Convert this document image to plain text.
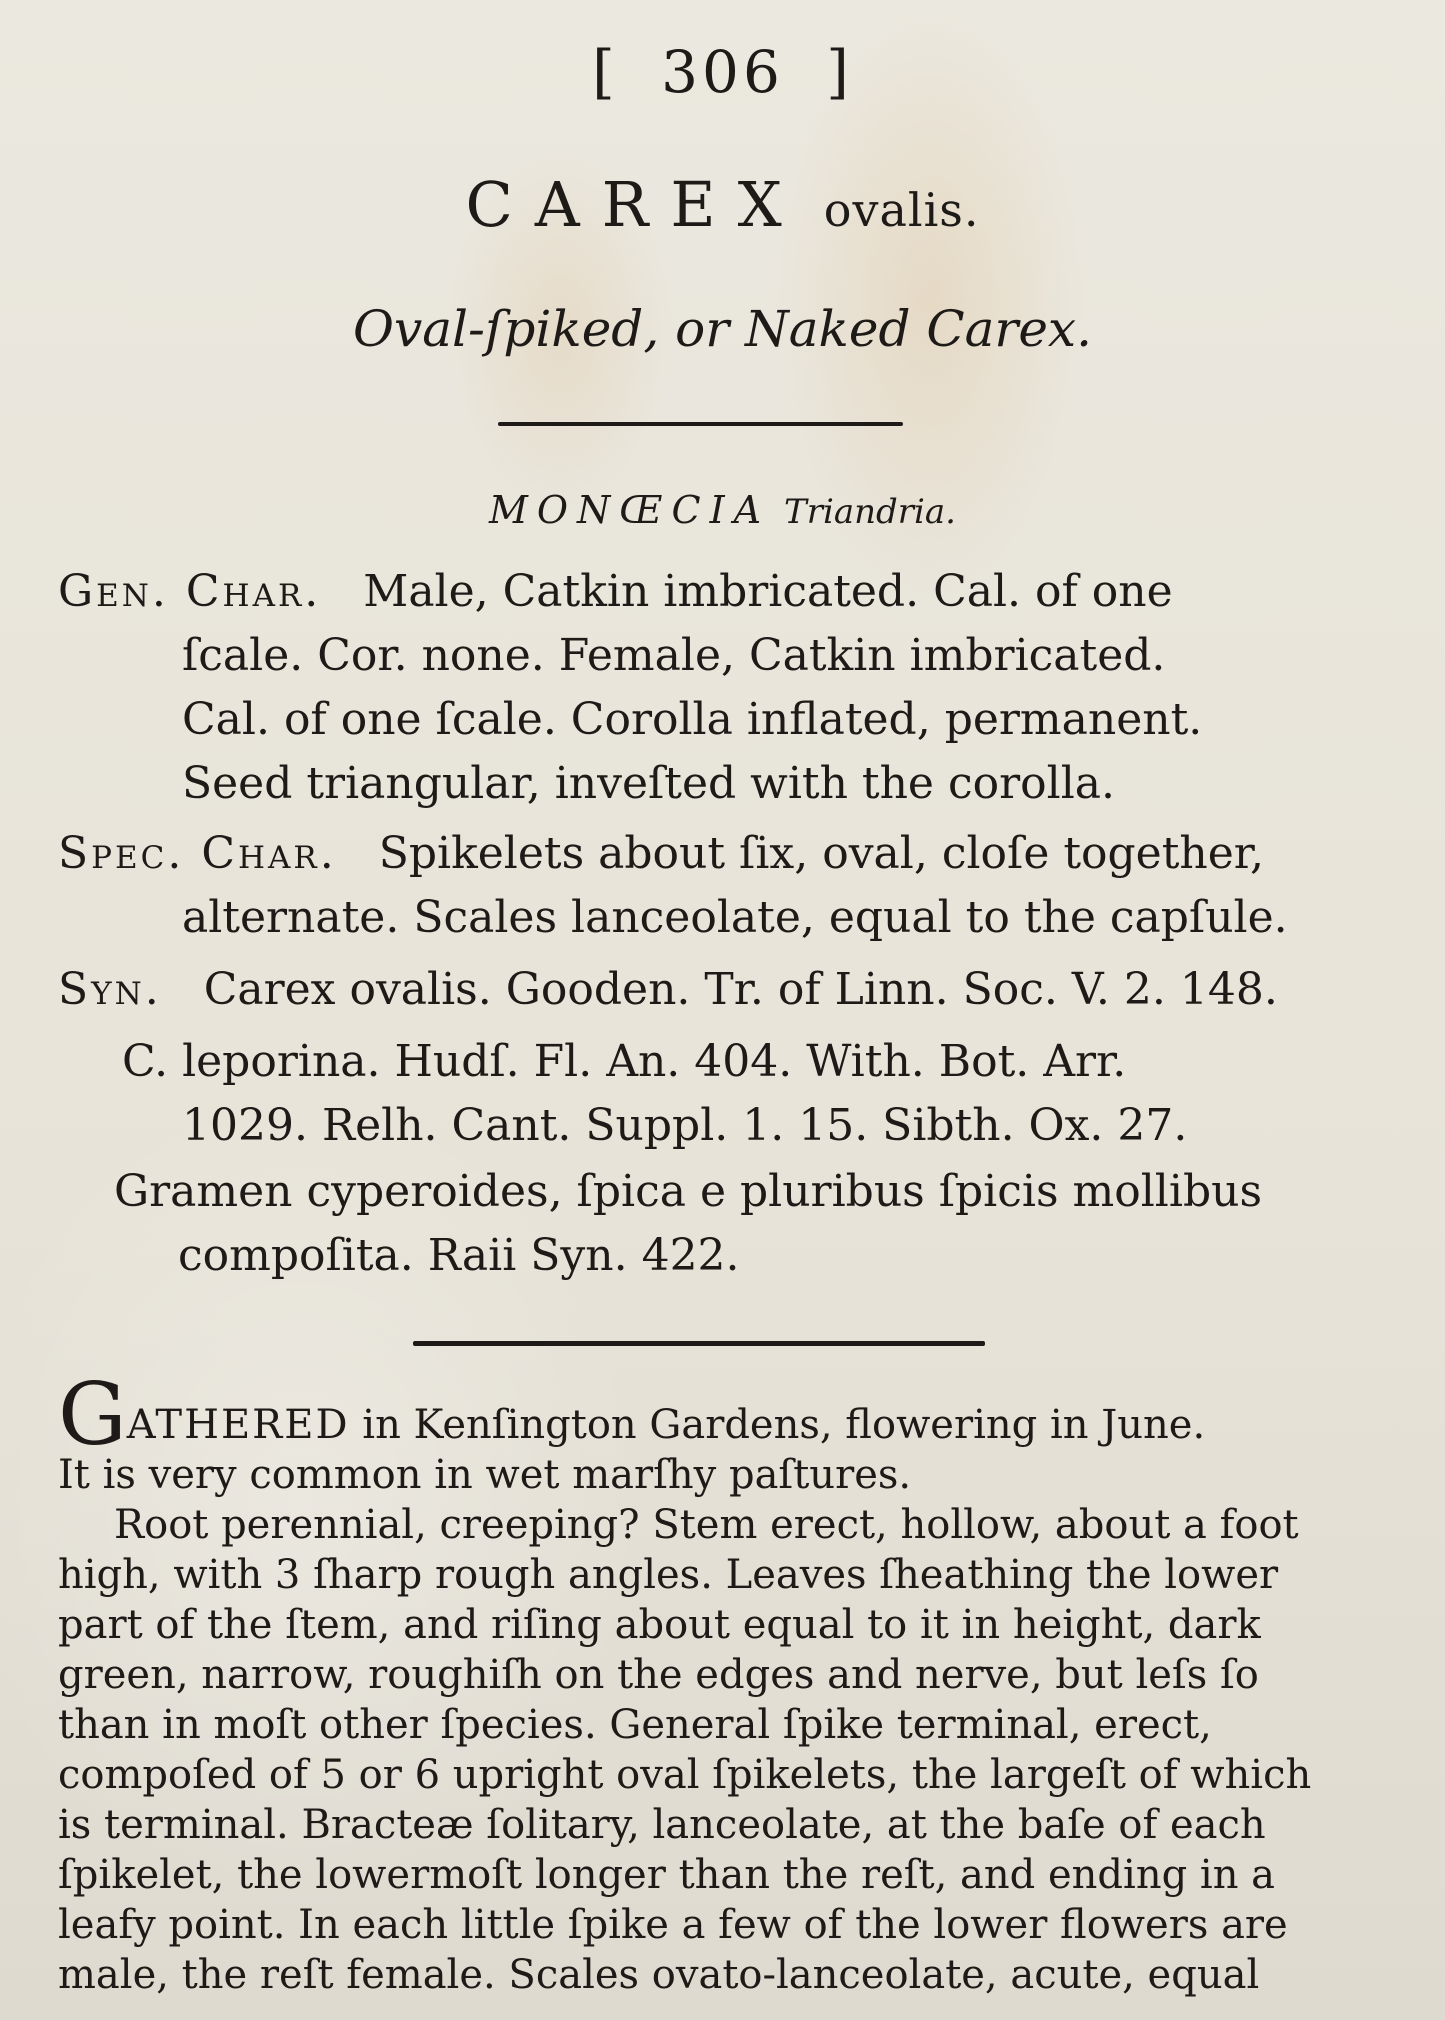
[ 306 ]
CAREX ovalis.
Oval-ſpiked, or Naked Carex.
MONŒCIA Triandria.
Gen. Char. Male, Catkin imbricated. Cal. of one
ſcale. Cor. none. Female, Catkin imbricated.
Cal. of one ſcale. Corolla inflated, permanent.
Seed triangular, inveſted with the corolla.
Spec. Char. Spikelets about ſix, oval, cloſe together,
alternate. Scales lanceolate, equal to the capſule.
Syn. Carex ovalis. Gooden. Tr. of Linn. Soc. V. 2. 148.
C. leporina. Hudſ. Fl. An. 404. With. Bot. Arr.
1029. Relh. Cant. Suppl. 1. 15. Sibth. Ox. 27.
Gramen cyperoides, ſpica e pluribus ſpicis mollibus
compoſita. Raii Syn. 422.
GATHERED in Kenſington Gardens, flowering in June.
It is very common in wet marſhy paſtures.
Root perennial, creeping? Stem erect, hollow, about a foot
high, with 3 ſharp rough angles. Leaves ſheathing the lower
part of the ſtem, and riſing about equal to it in height, dark
green, narrow, roughiſh on the edges and nerve, but leſs ſo
than in moſt other ſpecies. General ſpike terminal, erect,
compoſed of 5 or 6 upright oval ſpikelets, the largeſt of which
is terminal. Bracteæ ſolitary, lanceolate, at the baſe of each
ſpikelet, the lowermoſt longer than the reſt, and ending in a
leafy point. In each little ſpike a few of the lower flowers are
male, the reſt female. Scales ovato-lanceolate, acute, equal
